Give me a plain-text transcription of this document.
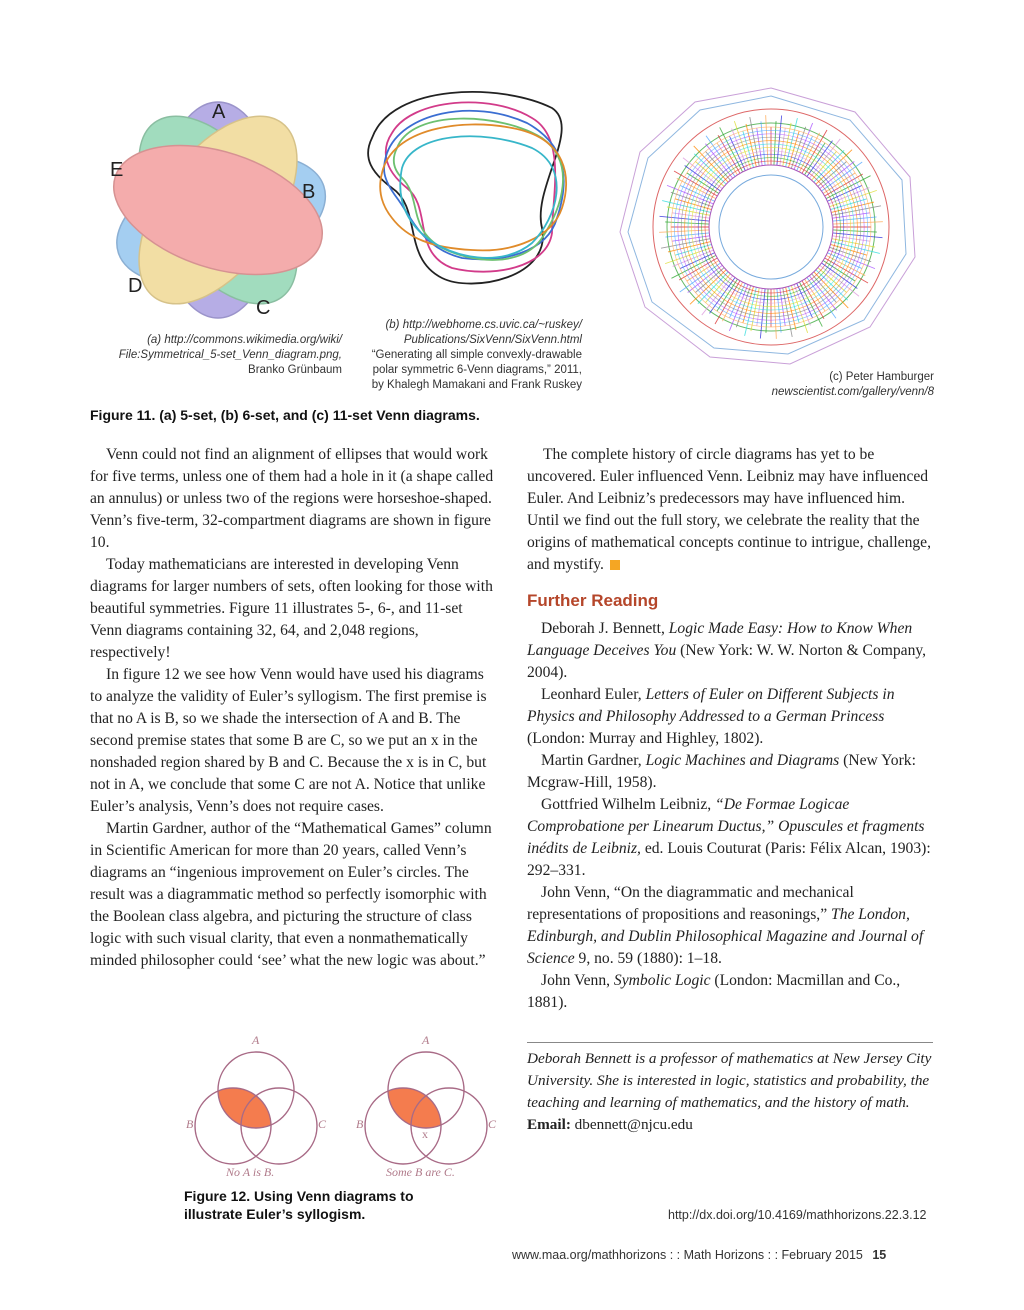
A
B
C
D
E
(a) http://commons.wikimedia.org/wiki/
File:Symmetrical_5-set_Venn_diagram.png,
Branko Grünbaum
(b) http://webhome.cs.uvic.ca/~ruskey/
Publications/SixVenn/SixVenn.html
“Generating all simple convexly-drawable
polar symmetric 6-Venn diagrams,” 2011,
by Khalegh Mamakani and Frank Ruskey
(c) Peter Hamburger
newscientist.com/gallery/venn/8
Figure 11. (a) 5-set, (b) 6-set, and (c) 11-set Venn diagrams.

Venn could not find an alignment of ellipses that would work for five terms, unless one of them had a hole in it (a shape called an annulus) or unless two of the regions were horseshoe-shaped. Venn’s five-term, 32-compartment diagrams are shown in figure 10.

Today mathematicians are interested in developing Venn diagrams for larger numbers of sets, often looking for those with beautiful symmetries. Figure 11 illustrates 5-, 6-, and 11-set Venn diagrams containing 32, 64, and 2,048 regions, respectively!

In figure 12 we see how Venn would have used his diagrams to analyze the validity of Euler’s syllogism. The first premise is that no A is B, so we shade the intersection of A and B. The second premise states that some B are C, so we put an x in the nonshaded region shared by B and C. Because the x is in C, but not in A, we conclude that some C are not A. Notice that unlike Euler’s analysis, Venn’s does not require cases.

Martin Gardner, author of the “Mathematical Games” column in Scientific American for more than 20 years, called Venn’s diagrams an “ingenious improvement on Euler’s circles. The result was a diagrammatic method so perfectly isomorphic with the Boolean class algebra, and picturing the structure of class logic with such visual clarity, that even a nonmathematically minded philosopher could ‘see’ what the new logic was about.”

A
B	C
No A is B.
A
B	C
x
Some B are C.
Figure 12. Using Venn diagrams to
illustrate Euler’s syllogism.

The complete history of circle diagrams has yet to be uncovered. Euler influenced Venn. Leibniz may have influenced Euler. And Leibniz’s predecessors may have influenced him. Until we find out the full story, we celebrate the reality that the origins of mathematical concepts continue to intrigue, challenge, and mystify.

Further Reading

Deborah J. Bennett, Logic Made Easy: How to Know When Language Deceives You (New York: W. W. Norton & Company, 2004).

Leonhard Euler, Letters of Euler on Different Subjects in Physics and Philosophy Addressed to a German Princess (London: Murray and Highley, 1802).

Martin Gardner, Logic Machines and Diagrams (New York: Mcgraw-Hill, 1958).

Gottfried Wilhelm Leibniz, “De Formae Logicae Comprobatione per Linearum Ductus,” Opuscules et fragments inédits de Leibniz, ed. Louis Couturat (Paris: Félix Alcan, 1903): 292–331.

John Venn, “On the diagrammatic and mechanical representations of propositions and reasonings,” The London, Edinburgh, and Dublin Philosophical Magazine and Journal of Science 9, no. 59 (1880): 1–18.

John Venn, Symbolic Logic (London: Macmillan and Co., 1881).

Deborah Bennett is a professor of mathematics at New Jersey City University. She is interested in logic, statistics and probability, the teaching and learning of mathematics, and the history of math.
Email: dbennett@njcu.edu
http://dx.doi.org/10.4169/mathhorizons.22.3.12
www.maa.org/mathhorizons : : Math Horizons : : February 2015 15
